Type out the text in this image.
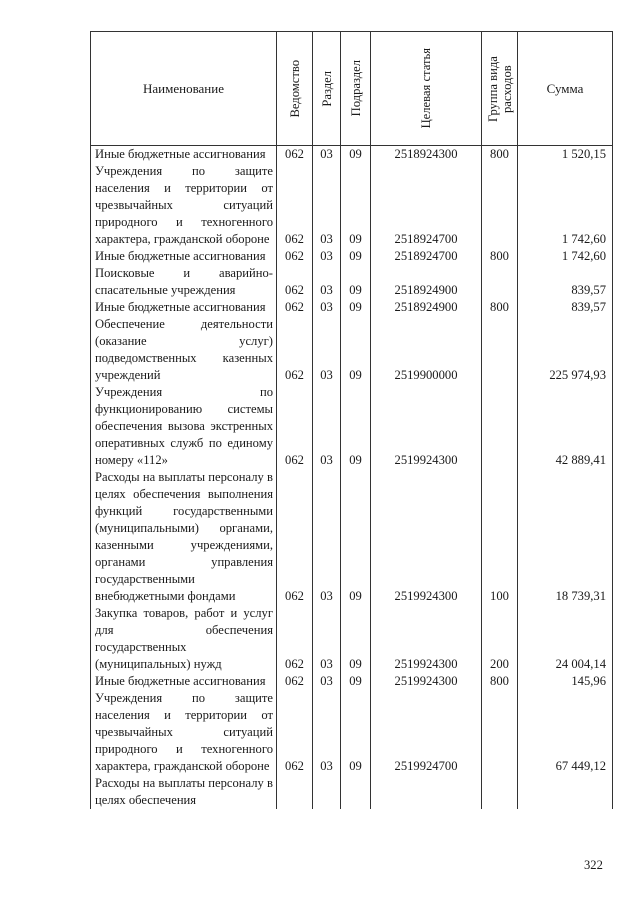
Наименование	Ведомство	Раздел	Подраздел	Целевая статья	Группа вида расходов	Сумма
Иные бюджетные ассигнования	062	03	09	2518924300	800	1 520,15
Учреждения по защите населения и территории от чрезвычайных ситуаций природного и техногенного характера, гражданской обороне	062	03	09	2518924700		1 742,60
Иные бюджетные ассигнования	062	03	09	2518924700	800	1 742,60
Поисковые и аварийно-спасательные учреждения	062	03	09	2518924900		839,57
Иные бюджетные ассигнования	062	03	09	2518924900	800	839,57
Обеспечение деятельности (оказание услуг) подведомственных казенных учреждений	062	03	09	2519900000		225 974,93
Учреждения по функционированию системы обеспечения вызова экстренных оперативных служб по единому номеру «112»	062	03	09	2519924300		42 889,41
Расходы на выплаты персоналу в целях обеспечения выполнения функций государственными (муниципальными) органами, казенными учреждениями, органами управления государственными внебюджетными фондами	062	03	09	2519924300	100	18 739,31
Закупка товаров, работ и услуг для обеспечения государственных (муниципальных) нужд	062	03	09	2519924300	200	24 004,14
Иные бюджетные ассигнования	062	03	09	2519924300	800	145,96
Учреждения по защите населения и территории от чрезвычайных ситуаций природного и техногенного характера, гражданской обороне	062	03	09	2519924700		67 449,12
Расходы на выплаты персоналу в целях обеспечения						
322
